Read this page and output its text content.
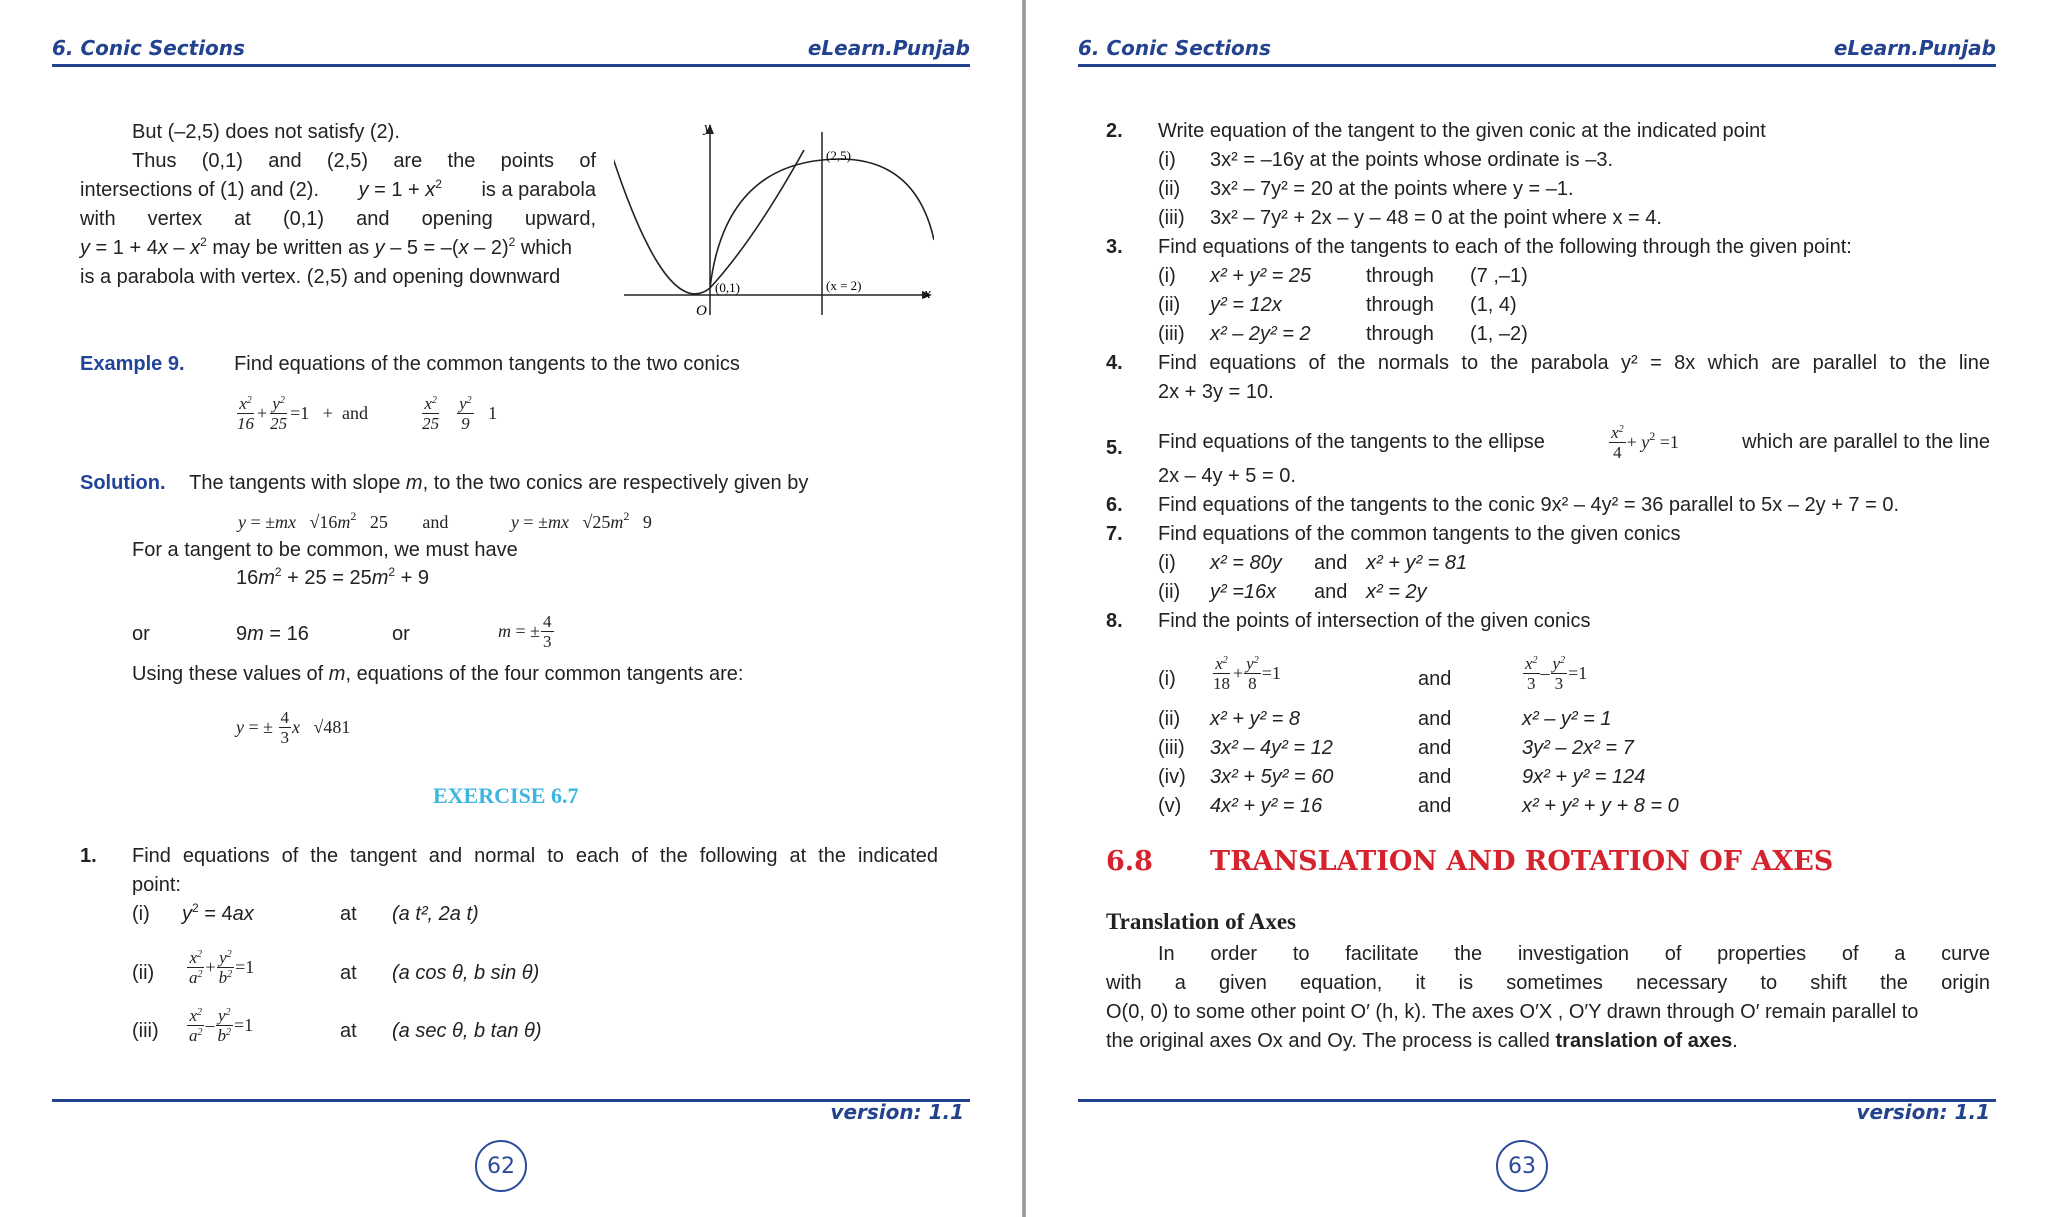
6. Conic Sections	eLearn.Punjab
But (–2,5) does not satisfy (2).
Thus (0,1) and (2,5) are the points of
intersections of (1) and (2). $y = 1 + x^2$ is a parabola
with vertex at (0,1) and opening upward,
$y = 1 + 4x - x^2$ may be written as y – 5 = –(x – 2)$^2$ which
is a parabola with vertex. (2,5) and opening downward
y
x
O
(2,5)
(0,1)	(x = 2)
Example 9. Find equations of the common tangents to the two conics
$\frac{x^2}{16} + \frac{y^2}{25} =1$   +  and	$\frac{x^2}{25} \frac{y^2}{9} 1$
Solution. The tangents with slope m, to the two conics are respectively given by
y = ±mx   $√16m^2$   25 and	y = ±mx   $√25m^2$   9
For a tangent to be common, we must have
$16m^2 + 25 = 25m^2 + 9$
or	9m = 16	or	m = ± $\frac{4}{3}$
Using these values of m, equations of the four common tangents are:
y = ± $\frac{4}{3}$ x   √481
EXERCISE 6.7
1. Find equations of the tangent and normal to each of the following at the indicated
point:
(i) $y^2 = 4ax$	at (a t², 2a t)
$(ii) \frac{x^2}{a^2} + \frac{y^2}{b^2} =1$	at (a cos θ, b sin θ)
$(iii) \frac{x^2}{a^2} - \frac{y^2}{b^2} =1$	at (a sec θ, b tan θ)
version: 1.1
62
6. Conic Sections	eLearn.Punjab
2. Write equation of the tangent to the given conic at the indicated point
(i) 3x² = –16y at the points whose ordinate is –3.
(ii) 3x² – 7y² = 20 at the points where y = –1.
(iii) 3x² – 7y² + 2x – y – 48 = 0 at the point where x = 4.
3. Find equations of the tangents to each of the following through the given point:
(i) x² + y² = 25	through (7 ,–1)
(ii) y² = 12x	through (1, 4)
(iii) x² – 2y² = 2	through (1, –2)
4. Find equations of the normals to the parabola y² = 8x which are parallel to the line
2x + 3y = 10.
5. Find equations of the tangents to the ellipse	$\frac{x^2}{4} + y^2 =1$	which are parallel to the line
2x – 4y + 5 = 0.
6. Find equations of the tangents to the conic 9x² – 4y² = 36 parallel to 5x – 2y + 7 = 0.
7. Find equations of the common tangents to the given conics
(i) x² = 80y and x² + y² = 81
(ii) y² =16x and x² = 2y
8. Find the points of intersection of the given conics
$(i) \frac{x^2}{18} + \frac{y^2}{8} =1$	and	$\frac{x^2}{3} - \frac{y^2}{3} =1$
(ii) x² + y² = 8	and	x² – y² = 1
(iii) 3x² – 4y² = 12	and	3y² – 2x² = 7
(iv) 3x² + 5y² = 60	and	9x² + y² = 124
(v) 4x² + y² = 16	and	x² + y² + y + 8 = 0
6.8 TRANSLATION AND ROTATION OF AXES
Translation of Axes
In order to facilitate the investigation of properties of a curve
with a given equation, it is sometimes necessary to shift the origin
O(0, 0) to some other point O′ (h, k). The axes O′X , O′Y drawn through O′ remain parallel to
the original axes Ox and Oy. The process is called translation of axes.
version: 1.1
63
